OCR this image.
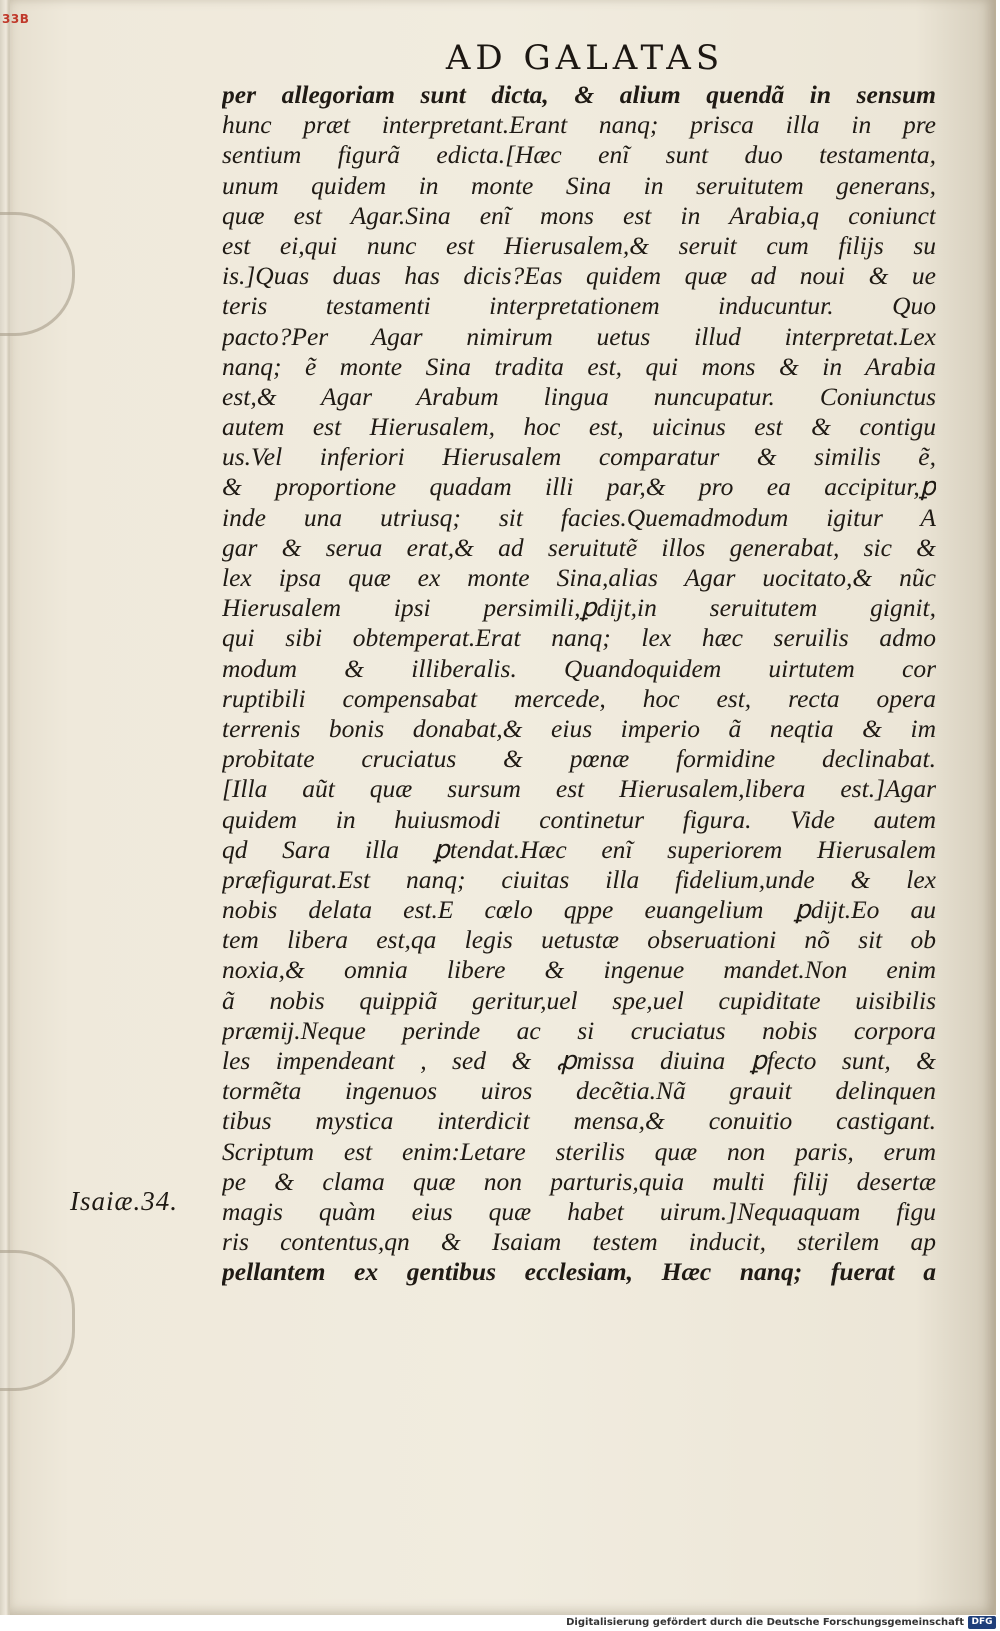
33B
AD GALATAS
Isaiæ.34.
per allegoriam sunt dicta, & alium quendã in sensum
hunc præt interpretant.Erant nanq; prisca illa in pre
sentium figurã edicta.[Hæc enĩ sunt duo testamenta,
unum quidem in monte Sina in seruitutem generans,
quæ est Agar.Sina enĩ mons est in Arabia,q coniunct
est ei,qui nunc est Hierusalem,& seruit cum filijs su
is.]Quas duas has dicis?Eas quidem quæ ad noui & ue
teris testamenti interpretationem inducuntur. Quo
pacto?Per Agar nimirum uetus illud interpretat.Lex
nanq; ẽ monte Sina tradita est, qui mons & in Arabia
est,& Agar Arabum lingua nuncupatur. Coniunctus
autem est Hierusalem, hoc est, uicinus est & contigu
us.Vel inferiori Hierusalem comparatur & similis ẽ,
& proportione quadam illi par,& pro ea accipitur,ꝑ
inde una utriusq; sit facies.Quemadmodum igitur A
gar & serua erat,& ad seruitutẽ illos generabat, sic &
lex ipsa quæ ex monte Sina,alias Agar uocitato,& nũc
Hierusalem ipsi persimili,ꝑdijt,in seruitutem gignit,
qui sibi obtemperat.Erat nanq; lex hæc seruilis admo
modum & illiberalis. Quandoquidem uirtutem cor
ruptibili compensabat mercede, hoc est, recta opera
terrenis bonis donabat,& eius imperio ã neqtia & im
probitate cruciatus & pœnæ formidine declinabat.
[Illa aũt quæ sursum est Hierusalem,libera est.]Agar
quidem in huiusmodi continetur figura. Vide autem
qd Sara illa ꝑtendat.Hæc enĩ superiorem Hierusalem
præfigurat.Est nanq; ciuitas illa fidelium,unde & lex
nobis delata est.E cœlo qppe euangelium ꝑdijt.Eo au
tem libera est,qa legis uetustæ obseruationi nõ sit ob
noxia,& omnia libere & ingenue mandet.Non enim
ã nobis quippiã geritur,uel spe,uel cupiditate uisibilis
præmij.Neque perinde ac si cruciatus nobis corpora
les impendeant , sed & ꝓmissa diuina ꝑfecto sunt, &
tormẽta ingenuos uiros decẽtia.Nã grauit delinquen
tibus mystica interdicit mensa,& conuitio castigant.
Scriptum est enim:Letare sterilis quæ non paris, erum
pe & clama quæ non parturis,quia multi filij desertæ
magis quàm eius quæ habet uirum.]Nequaquam figu
ris contentus,qn & Isaiam testem inducit, sterilem ap
pellantem ex gentibus ecclesiam, Hæc nanq; fuerat a
Digitalisierung gefördert durch die Deutsche Forschungsgemeinschaft DFG
